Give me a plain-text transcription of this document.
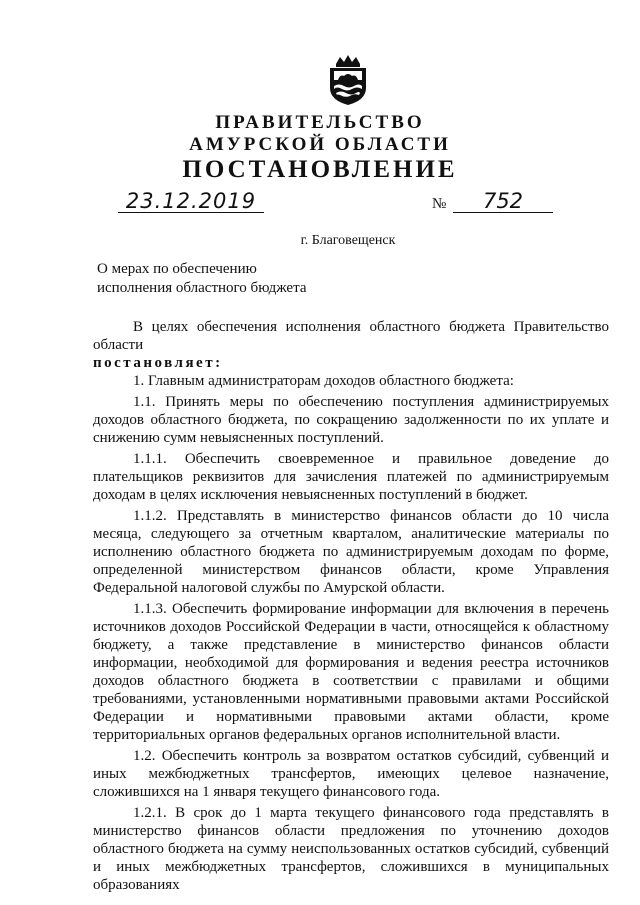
ПРАВИТЕЛЬСТВО
АМУРСКОЙ ОБЛАСТИ
ПОСТАНОВЛЕНИЕ
23.12.2019	№	752
г. Благовещенск
О мерах по обеспечению
исполнения областного бюджета

В целях обеспечения исполнения областного бюджета Правительство области

постановляет:

1. Главным администраторам доходов областного бюджета:

1.1. Принять меры по обеспечению поступления администрируемых доходов областного бюджета, по сокращению задолженности по их уплате и снижению сумм невыясненных поступлений.

1.1.1. Обеспечить своевременное и правильное доведение до плательщиков реквизитов для зачисления платежей по администрируемым доходам в целях исключения невыясненных поступлений в бюджет.

1.1.2. Представлять в министерство финансов области до 10 числа месяца, следующего за отчетным кварталом, аналитические материалы по исполнению областного бюджета по администрируемым доходам по форме, определенной министерством финансов области, кроме Управления Федеральной налоговой службы по Амурской области.

1.1.3. Обеспечить формирование информации для включения в перечень источников доходов Российской Федерации в части, относящейся к областному бюджету, а также представление в министерство финансов области информации, необходимой для формирования и ведения реестра источников доходов областного бюджета в соответствии с правилами и общими требованиями, установленными нормативными правовыми актами Российской Федерации и нормативными правовыми актами области, кроме территориальных органов федеральных органов исполнительной власти.

1.2. Обеспечить контроль за возвратом остатков субсидий, субвенций и иных межбюджетных трансфертов, имеющих целевое назначение, сложившихся на 1 января текущего финансового года.

1.2.1. В срок до 1 марта текущего финансового года представлять в министерство финансов области предложения по уточнению доходов областного бюджета на сумму неиспользованных остатков субсидий, субвенций и иных межбюджетных трансфертов, сложившихся в муниципальных образованиях
